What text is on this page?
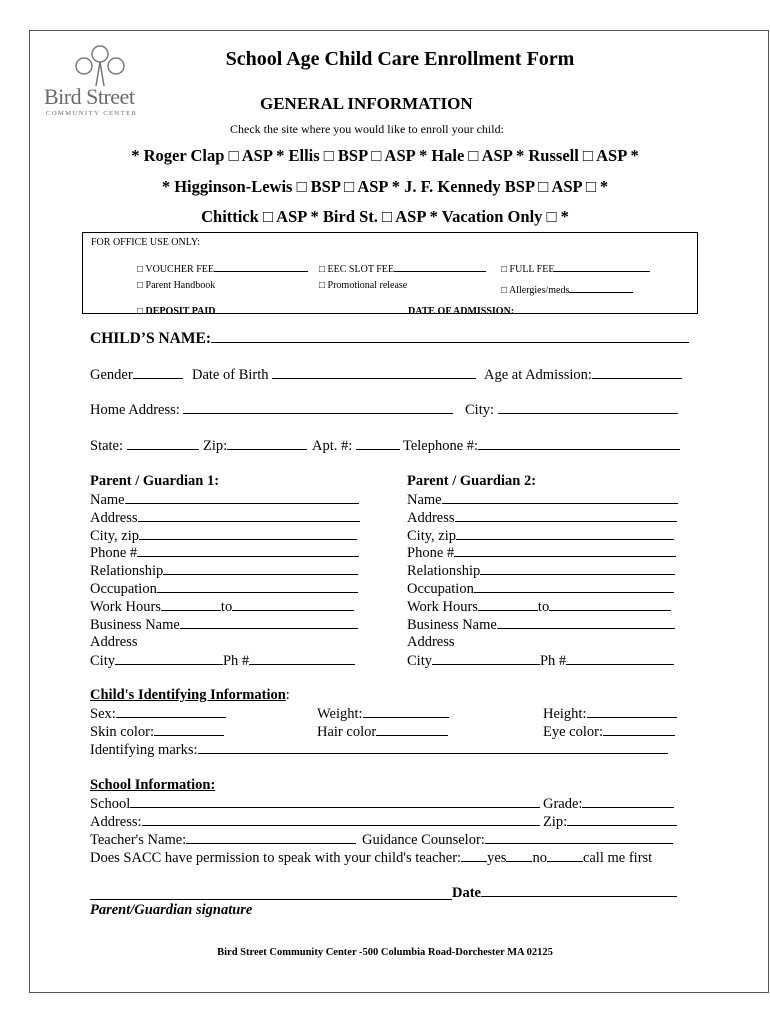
Bird Street
COMMUNITY CENTER
School Age Child Care Enrollment Form
GENERAL INFORMATION
Check the site where you would like to enroll your child:
* Roger Clap □ ASP * Ellis □ BSP □ ASP * Hale □ ASP * Russell □ ASP *
* Higginson-Lewis □ BSP □ ASP * J. F. Kennedy BSP □ ASP □ *
Chittick □ ASP * Bird St. □ ASP * Vacation Only □ *
FOR OFFICE USE ONLY:
□ VOUCHER FEE	□ EEC SLOT FEE	□ FULL FEE
□ Parent Handbook	□ Promotional release	□ Allergies/meds
□ DEPOSIT PAID	DATE OF ADMISSION:
CHILD’S NAME:
Gender	Date of Birth	Age at Admission:
Home Address:	City:
State:	Zip:	Apt. #:	Telephone #:
Parent / Guardian 1:
Name
Address
City, zip
Phone #
Relationship
Occupation
Work Hours	to
Business Name
Address
City	Ph #
Parent / Guardian 2:
Name
Address
City, zip
Phone #
Relationship
Occupation
Work Hours	to
Business Name
Address
City	Ph #
Child's Identifying Information:
Sex:	Weight:	Height:
Skin color:	Hair color	Eye color:
Identifying marks:
School Information:
School	Grade:
Address:	Zip:
Teacher's Name:	Guidance Counselor:
Does SACC have permission to speak with your child's teacher: yes no call me first
Date
Parent/Guardian signature
Bird Street Community Center -500 Columbia Road-Dorchester MA 02125
